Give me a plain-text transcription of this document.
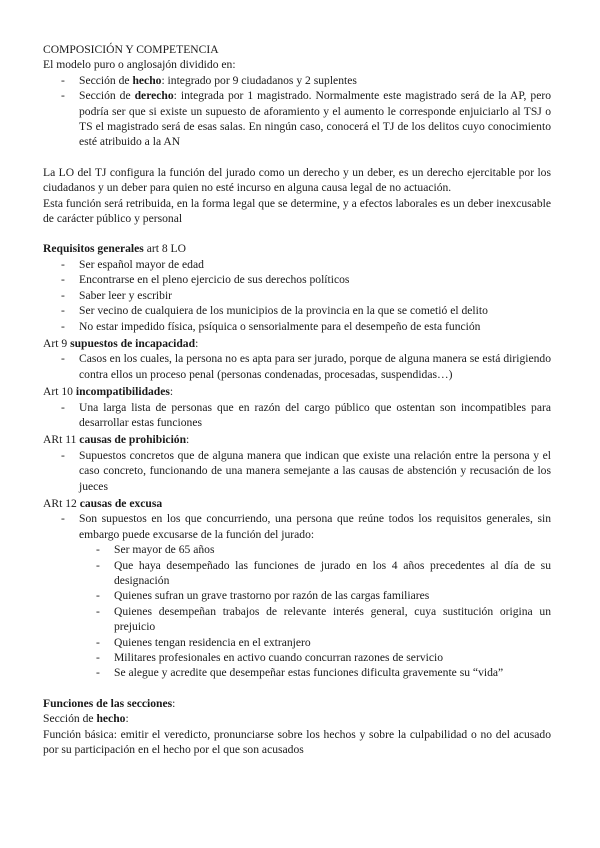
COMPOSICIÓN Y COMPETENCIA

El modelo puro o anglosajón dividido en:

- Sección de hecho: integrado por 9 ciudadanos y 2 suplentes
- Sección de derecho: integrada por 1 magistrado. Normalmente este magistrado será de la AP, pero podría ser que si existe un supuesto de aforamiento y el aumento le corresponde enjuiciarlo al TSJ o TS el magistrado será de esas salas. En ningún caso, conocerá el TJ de los delitos cuyo conocimiento esté atribuido a la AN

La LO del TJ configura la función del jurado como un derecho y un deber, es un derecho ejercitable por los ciudadanos y un deber para quien no esté incurso en alguna causa legal de no actuación.

Esta función será retribuida, en la forma legal que se determine, y a efectos laborales es un deber inexcusable de carácter público y personal

Requisitos generales art 8 LO

- Ser español mayor de edad
- Encontrarse en el pleno ejercicio de sus derechos políticos
- Saber leer y escribir
- Ser vecino de cualquiera de los municipios de la provincia en la que se cometió el delito
- No estar impedido física, psíquica o sensorialmente para el desempeño de esta función

Art 9 supuestos de incapacidad:

- Casos en los cuales, la persona no es apta para ser jurado, porque de alguna manera se está dirigiendo contra ellos un proceso penal (personas condenadas, procesadas, suspendidas…)

Art 10 incompatibilidades:

- Una larga lista de personas que en razón del cargo público que ostentan son incompatibles para desarrollar estas funciones

ARt 11 causas de prohibición:

- Supuestos concretos que de alguna manera que indican que existe una relación entre la persona y el caso concreto, funcionando de una manera semejante a las causas de abstención y recusación de los jueces

ARt 12 causas de excusa

- Son supuestos en los que concurriendo, una persona que reúne todos los requisitos generales, sin embargo puede excusarse de la función del jurado:
- Ser mayor de 65 años
- Que haya desempeñado las funciones de jurado en los 4 años precedentes al día de su designación
- Quienes sufran un grave trastorno por razón de las cargas familiares
- Quienes desempeñan trabajos de relevante interés general, cuya sustitución origina un prejuicio
- Quienes tengan residencia en el extranjero
- Militares profesionales en activo cuando concurran razones de servicio
- Se alegue y acredite que desempeñar estas funciones dificulta gravemente su “vida”

Funciones de las secciones:

Sección de hecho:

Función básica: emitir el veredicto, pronunciarse sobre los hechos y sobre la culpabilidad o no del acusado por su participación en el hecho por el que son acusados
